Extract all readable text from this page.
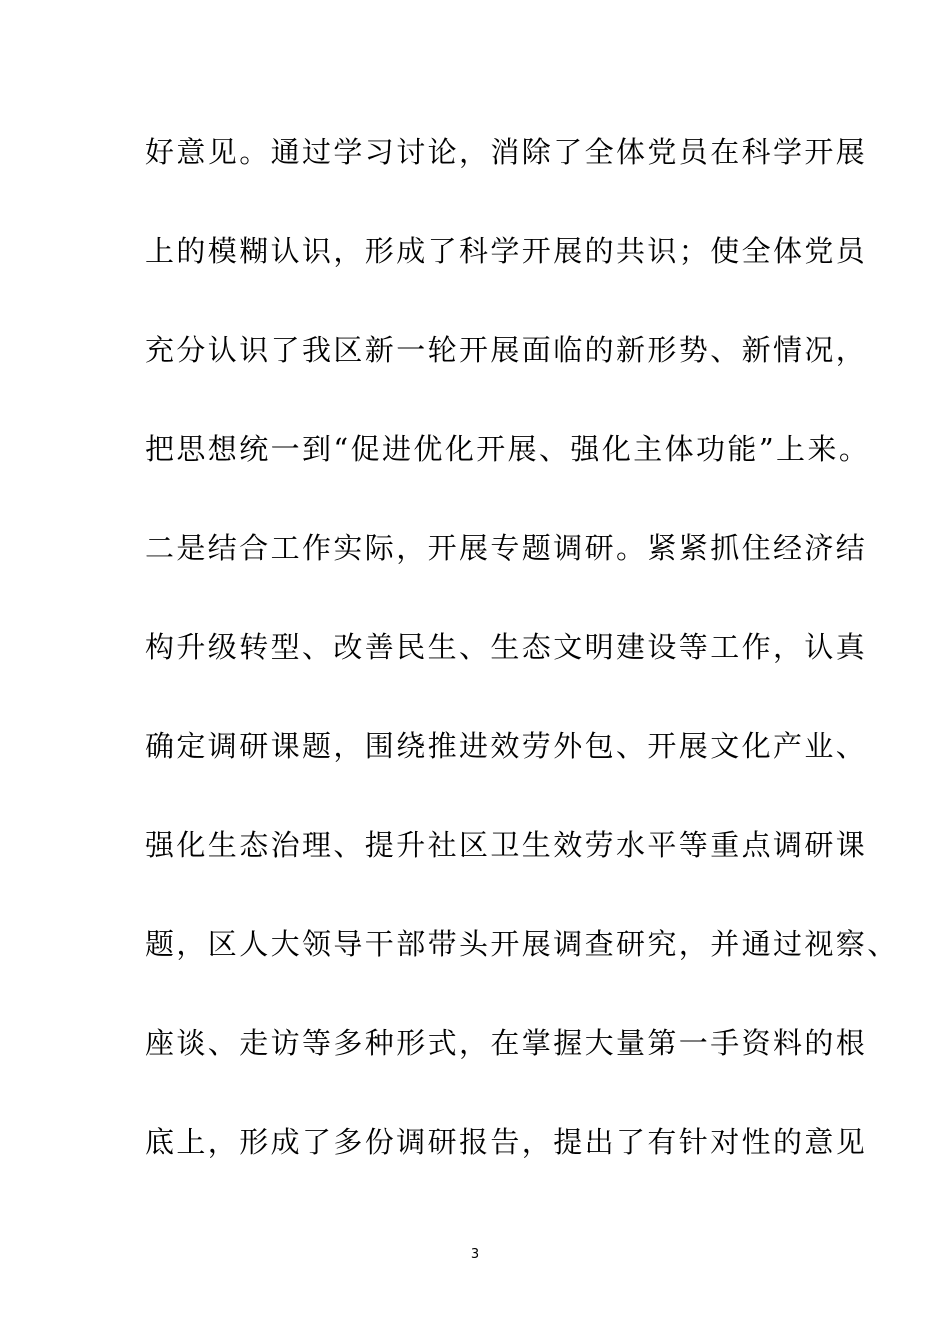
好意见。通过学习讨论，消除了全体党员在科学开展
上的模糊认识，形成了科学开展的共识；使全体党员
充分认识了我区新一轮开展面临的新形势、新情况，
把思想统一到“促进优化开展、强化主体功能”上来。
二是结合工作实际，开展专题调研。紧紧抓住经济结
构升级转型、改善民生、生态文明建设等工作，认真
确定调研课题，围绕推进效劳外包、开展文化产业、
强化生态治理、提升社区卫生效劳水平等重点调研课
题，区人大领导干部带头开展调查研究，并通过视察、
座谈、走访等多种形式，在掌握大量第一手资料的根
底上，形成了多份调研报告，提出了有针对性的意见
3
